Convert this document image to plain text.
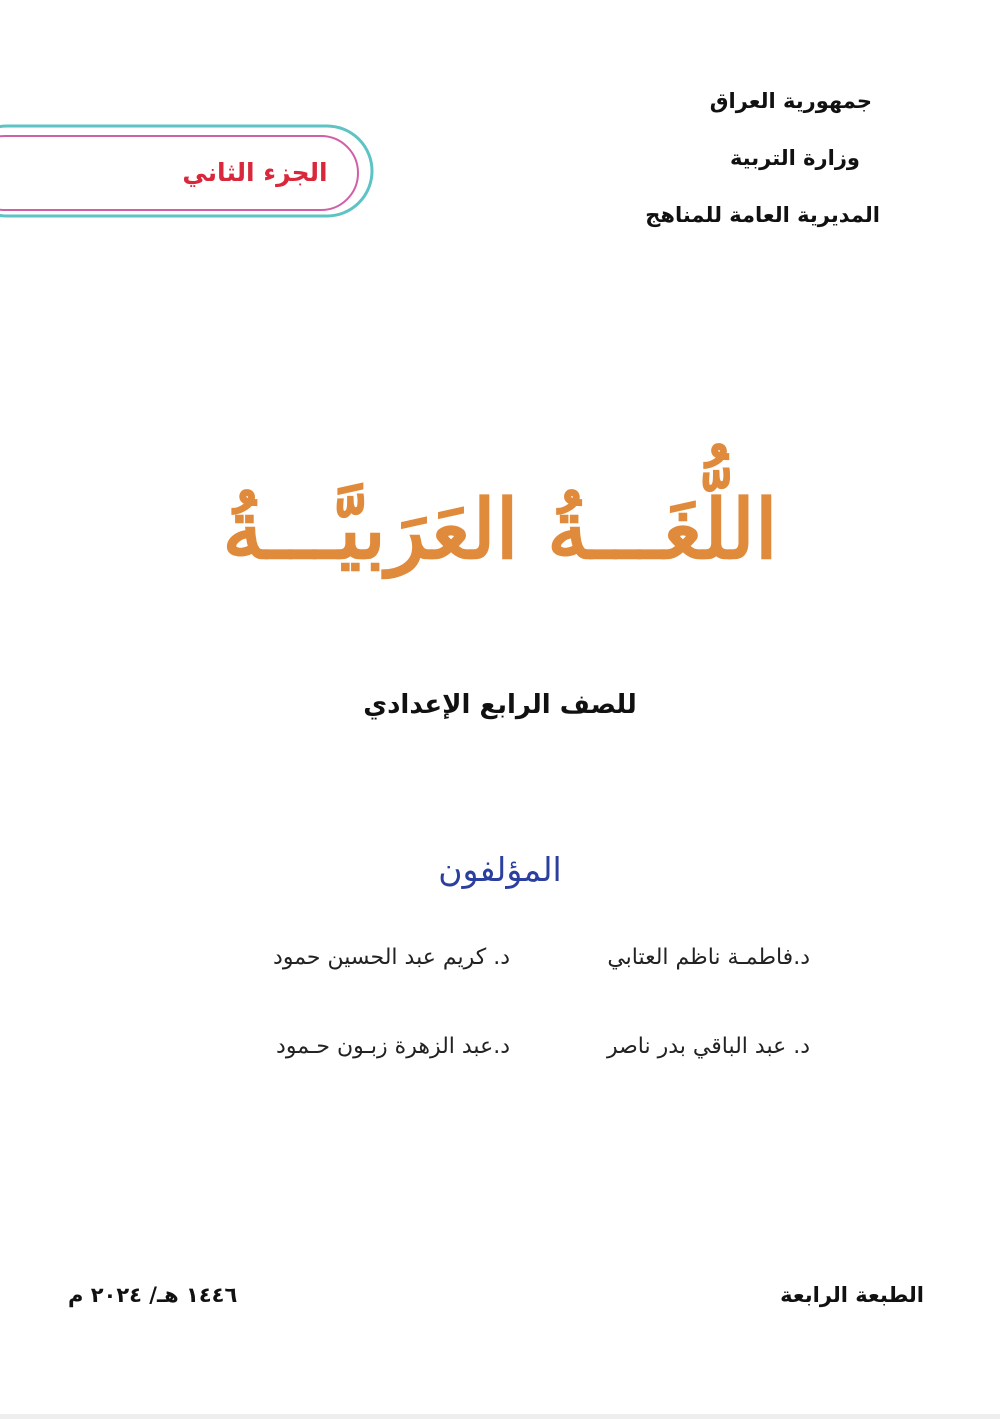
جمهورية العراق
وزارة التربية
المديرية العامة للمناهج
الجزء الثاني
اللُّغَـــةُ العَرَبيَّـــةُ
للصف الرابع الإعدادي
المؤلفون
د.فاطمـة ناظم العتابي
د. كريم عبد الحسين حمود
د. عبد الباقي بدر ناصر
د.عبد الزهرة زبـون حـمود
الطبعة الرابعة
١٤٤٦ هـ/ ٢٠٢٤ م
